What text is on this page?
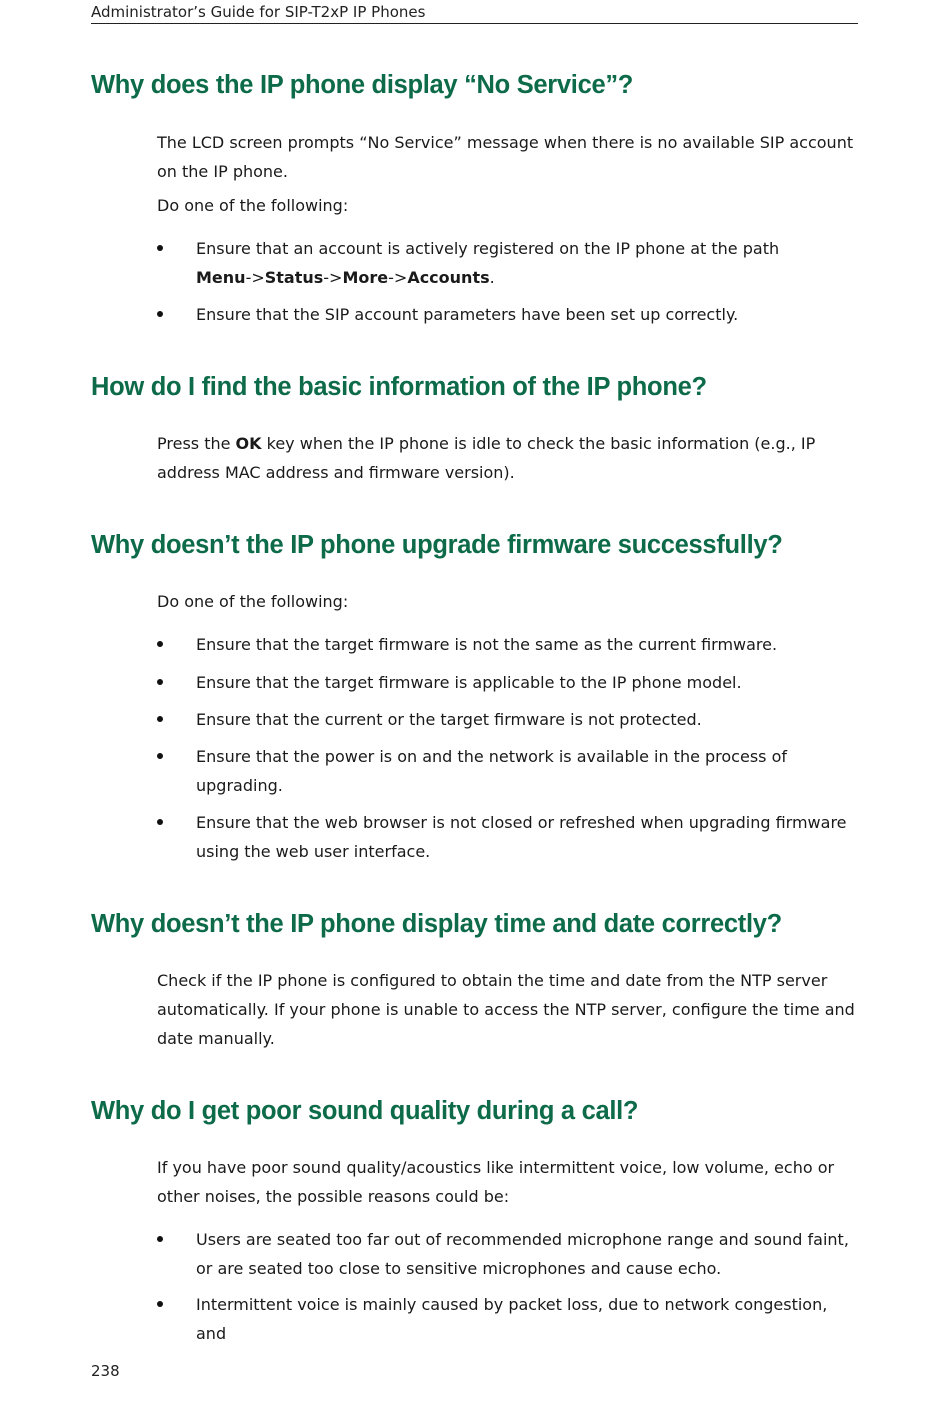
Administrator’s Guide for SIP-T2xP IP Phones
Why does the IP phone display “No Service”?

The LCD screen prompts “No Service” message when there is no available SIP account on the IP phone.

Do one of the following:

Ensure that an account is actively registered on the IP phone at the path
Menu->Status->More->Accounts.
Ensure that the SIP account parameters have been set up correctly.
How do I find the basic information of the IP phone?

Press the OK key when the IP phone is idle to check the basic information (e.g., IP address MAC address and firmware version).

Why doesn’t the IP phone upgrade firmware successfully?

Do one of the following:

Ensure that the target firmware is not the same as the current firmware.
Ensure that the target firmware is applicable to the IP phone model.
Ensure that the current or the target firmware is not protected.
Ensure that the power is on and the network is available in the process of upgrading.
Ensure that the web browser is not closed or refreshed when upgrading firmware using the web user interface.
Why doesn’t the IP phone display time and date correctly?

Check if the IP phone is configured to obtain the time and date from the NTP server automatically. If your phone is unable to access the NTP server, configure the time and date manually.

Why do I get poor sound quality during a call?

If you have poor sound quality/acoustics like intermittent voice, low volume, echo or other noises, the possible reasons could be:

Users are seated too far out of recommended microphone range and sound faint, or are seated too close to sensitive microphones and cause echo.
Intermittent voice is mainly caused by packet loss, due to network congestion, and
238
